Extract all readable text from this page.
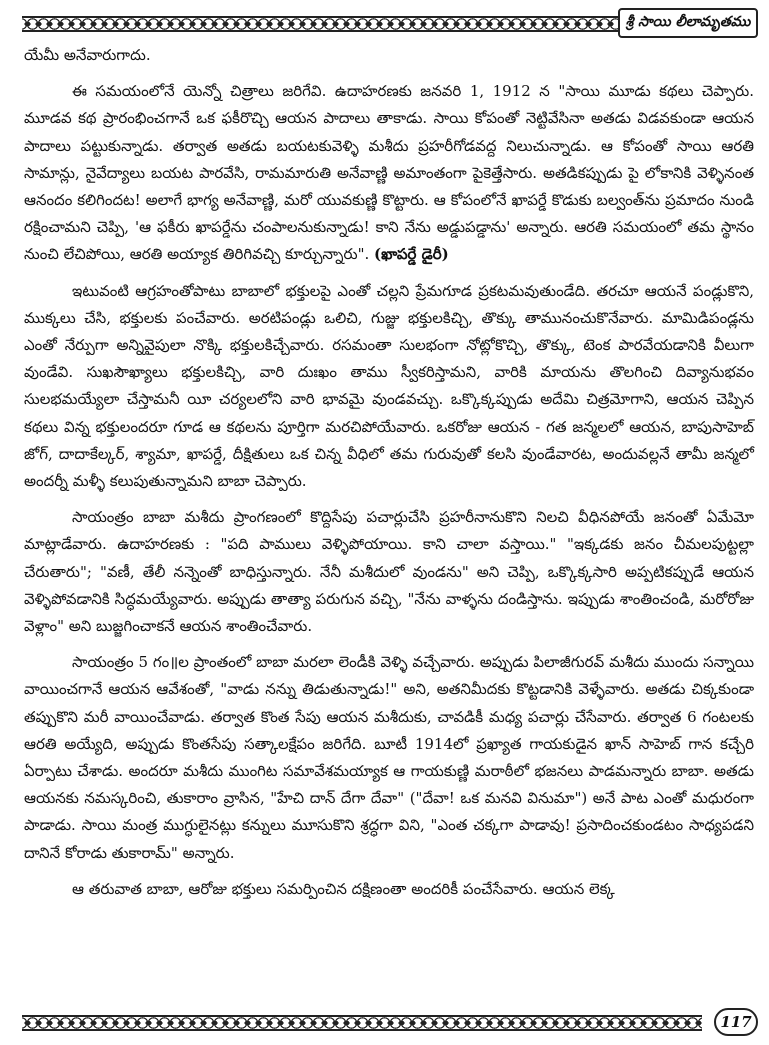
శ్రీ సాయి లీలామృతము

యేమీ అనేవారుగాదు.

ఈ సమయంలోనే యెన్నో చిత్రాలు జరిగేవి. ఉదాహరణకు జనవరి 1, 1912 న "సాయి మూడు కథలు చెప్పారు. మూడవ కథ ప్రారంభించగానే ఒక ఫకీరొచ్చి ఆయన పాదాలు తాకాడు. సాయి కోపంతో నెట్టివేసినా అతడు విడవకుండా ఆయన పాదాలు పట్టుకున్నాడు. తర్వాత అతడు బయటకువెళ్ళి మశీదు ప్రహరీగోడవద్ద నిలుచున్నాడు. ఆ కోపంతో సాయి ఆరతి సామాన్లు, నైవేద్యాలు బయట పారవేసి, రామమారుతి అనేవాణ్ణి అమాంతంగా పైకెత్తేసారు. అతడికప్పుడు పై లోకానికి వెళ్ళినంత ఆనందం కలిగిందట! అలాగే భాగ్య అనేవాణ్ణి, మరో యువకుణ్ణి కొట్టారు. ఆ కోపంలోనే ఖాపర్డే కొడుకు బల్వంత్‌ను ప్రమాదం నుండి రక్షించామని చెప్పి, 'ఆ ఫకీరు ఖాపర్డేను చంపాలనుకున్నాడు! కాని నేను అడ్డుపడ్డాను' అన్నారు. ఆరతి సమయంలో తమ స్థానం నుంచి లేచిపోయి, ఆరతి అయ్యాక తిరిగివచ్చి కూర్చున్నారు". (ఖాపర్డే డైరీ)

ఇటువంటి ఆగ్రహంతోపాటు బాబాలో భక్తులపై ఎంతో చల్లని ప్రేమగూడ ప్రకటమవుతుండేది. తరచూ ఆయనే పండ్లుకొని, ముక్కలు చేసి, భక్తులకు పంచేవారు. అరటిపండ్లు ఒలిచి, గుజ్జు భక్తులకిచ్చి, తొక్కు తామునంచుకొనేవారు. మామిడిపండ్లను ఎంతో నేర్పుగా అన్నివైపులా నొక్కి భక్తులకిచ్చేవారు. రసమంతా సులభంగా నోట్లోకొచ్చి, తొక్కు, టెంక పారవేయడానికి వీలుగా వుండేవి. సుఖసౌఖ్యాలు భక్తులకిచ్చి, వారి దుఃఖం తాము స్వీకరిస్తామని, వారికి మాయను తొలగించి దివ్యానుభవం సులభమయ్యేలా చేస్తామనీ యీ చర్యలలోని వారి భావమై వుండవచ్చు. ఒక్కొక్కప్పుడు అదేమి చిత్రమోగాని, ఆయన చెప్పిన కథలు విన్న భక్తులందరూ గూడ ఆ కథలను పూర్తిగా మరచిపోయేవారు. ఒకరోజు ఆయన - గత జన్మలలో ఆయన, బాపుసాహెబ్ జోగ్, దాదాకేల్కర్, శ్యామా, ఖాపర్డే, దీక్షితులు ఒక చిన్న వీధిలో తమ గురువుతో కలసి వుండేవారట, అందువల్లనే తామీ జన్మలో అందర్నీ మళ్ళీ కలుపుతున్నామని బాబా చెప్పారు.

సాయంత్రం బాబా మశీదు ప్రాంగణంలో కొద్దిసేపు పచార్లుచేసి ప్రహరీనానుకొని నిలచి వీధినపోయే జనంతో ఏమేమో మాట్లాడేవారు. ఉదాహరణకు : "పది పాములు వెళ్ళిపోయాయి. కాని చాలా వస్తాయి." "ఇక్కడకు జనం చీమలపుట్టల్లా చేరుతారు"; "వణీ, తేలీ నన్నెంతో బాధిస్తున్నారు. నేనీ మశీదులో వుండను" అని చెప్పి, ఒక్కొక్కసారి అప్పటికప్పుడే ఆయన వెళ్ళిపోవడానికి సిద్ధమయ్యేవారు. అప్పుడు తాత్యా పరుగున వచ్చి, "నేను వాళ్ళను దండిస్తాను. ఇప్పుడు శాంతించండి, మరోరోజు వెళ్లాం" అని బుజ్జగించాకనే ఆయన శాంతించేవారు.

సాయంత్రం 5 గం॥ల ప్రాంతంలో బాబా మరలా లెండీకి వెళ్ళి వచ్చేవారు. అప్పుడు పిలాజీగురవ్ మశీదు ముందు సన్నాయి వాయించగానే ఆయన ఆవేశంతో, "వాడు నన్ను తిడుతున్నాడు!" అని, అతనిమీదకు కొట్టడానికి వెళ్ళేవారు. అతడు చిక్కకుండా తప్పుకొని మరీ వాయించేవాడు. తర్వాత కొంత సేపు ఆయన మశీదుకు, చావడికీ మధ్య పచార్లు చేసేవారు. తర్వాత 6 గంటలకు ఆరతి అయ్యేది, అప్పుడు కొంతసేపు సత్కాలక్షేపం జరిగేది. బూటీ 1914లో ప్రఖ్యాత గాయకుడైన ఖాన్ సాహెబ్ గాన కచ్చేరి ఏర్పాటు చేశాడు. అందరూ మశీదు ముంగిట సమావేశమయ్యాక ఆ గాయకుణ్ణి మరాఠీలో భజనలు పాడమన్నారు బాబా. అతడు ఆయనకు నమస్కరించి, తుకారాం వ్రాసిన, "హేచి దాన్ దేగా దేవా" ("దేవా! ఒక మనవి వినుమా") అనే పాట ఎంతో మధురంగా పాడాడు. సాయి మంత్ర ముగ్ధులైనట్లు కన్నులు మూసుకొని శ్రద్ధగా విని, "ఎంత చక్కగా పాడావు! ప్రసాదించకుండటం సాధ్యపడని దానినే కోరాడు తుకారామ్" అన్నారు.

ఆ తరువాత బాబా, ఆరోజు భక్తులు సమర్పించిన దక్షిణంతా అందరికీ పంచేసేవారు. ఆయన లెక్క

117
